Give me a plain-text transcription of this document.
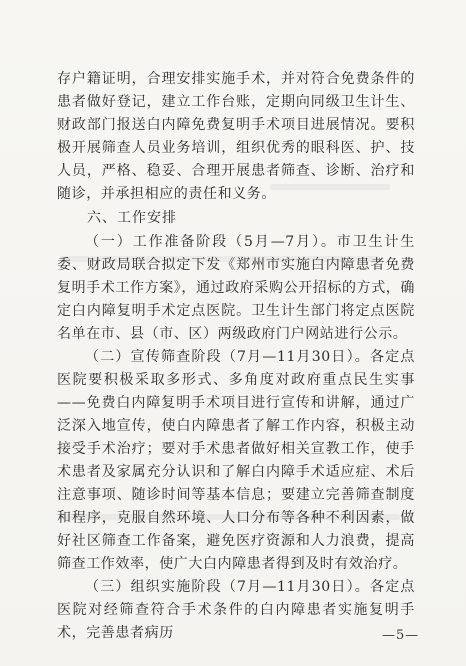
存户籍证明，合理安排实施手术，并对符合免费条件的患者做好登记，建立工作台账，定期向同级卫生计生、财政部门报送白内障免费复明手术项目进展情况。要积极开展筛查人员业务培训，组织优秀的眼科医、护、技人员，严格、稳妥、合理开展患者筛查、诊断、治疗和随诊，并承担相应的责任和义务。

六、工作安排

（一）工作准备阶段（5月—7月）。市卫生计生委、财政局联合拟定下发《郑州市实施白内障患者免费复明手术工作方案》，通过政府采购公开招标的方式，确定白内障复明手术定点医院。卫生计生部门将定点医院名单在市、县（市、区）两级政府门户网站进行公示。

（二）宣传筛查阶段（7月—11月30日）。各定点医院要积极采取多形式、多角度对政府重点民生实事——免费白内障复明手术项目进行宣传和讲解，通过广泛深入地宣传，使白内障患者了解工作内容，积极主动接受手术治疗；要对手术患者做好相关宣教工作，使手术患者及家属充分认识和了解白内障手术适应症、术后注意事项、随诊时间等基本信息；要建立完善筛查制度和程序，克服自然环境、人口分布等各种不利因素，做好社区筛查工作备案，避免医疗资源和人力浪费，提高筛查工作效率，使广大白内障患者得到及时有效治疗。

（三）组织实施阶段（7月—11月30日）。各定点医院对经筛查符合手术条件的白内障患者实施复明手术，完善患者病历	—5—
